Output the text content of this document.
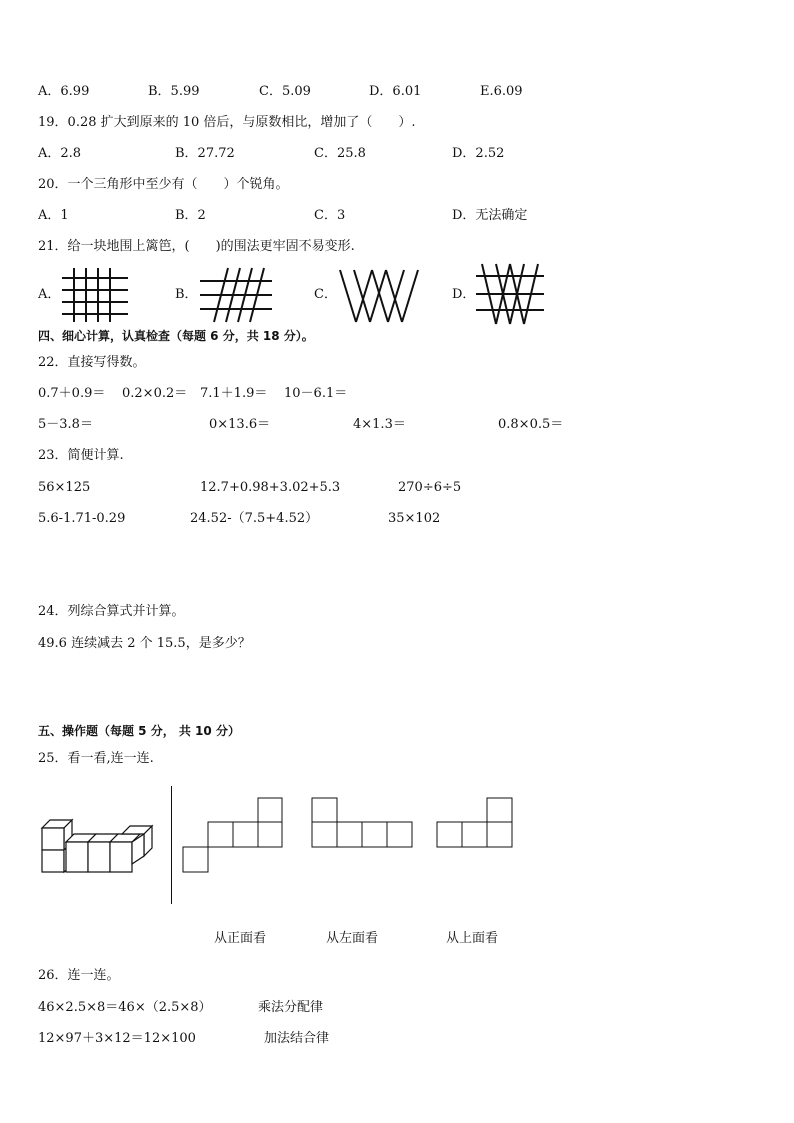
A．6.99	B．5.99	C．5.09	D．6.01	E.6.09
19．0.28 扩大到原来的 10 倍后，与原数相比，增加了（　　）.
A．2.8	B．27.72	C．25.8	D．2.52
20．一个三角形中至少有（　　）个锐角。
A．1	B．2	C．3	D．无法确定
21．给一块地围上篱笆，(　　)的围法更牢固不易变形.
A．	B．	C．	D．
四、细心计算，认真检查（每题 6 分，共 18 分）。
22．直接写得数。
0.7＋0.9＝ 0.2×0.2＝ 7.1＋1.9＝ 10－6.1＝
5－3.8＝	0×13.6＝	4×1.3＝	0.8×0.5＝
23．简便计算.
56×125	12.7+0.98+3.02+5.3	270÷6÷5
5.6-1.71-0.29	24.52-（7.5+4.52）	35×102
24．列综合算式并计算。
49.6 连续减去 2 个 15.5，是多少？
五、操作题（每题 5 分， 共 10 分）
25．看一看,连一连.
从正面看	从左面看	从上面看
26．连一连。
46×2.5×8＝46×（2.5×8）	乘法分配律
12×97＋3×12＝12×100	加法结合律
